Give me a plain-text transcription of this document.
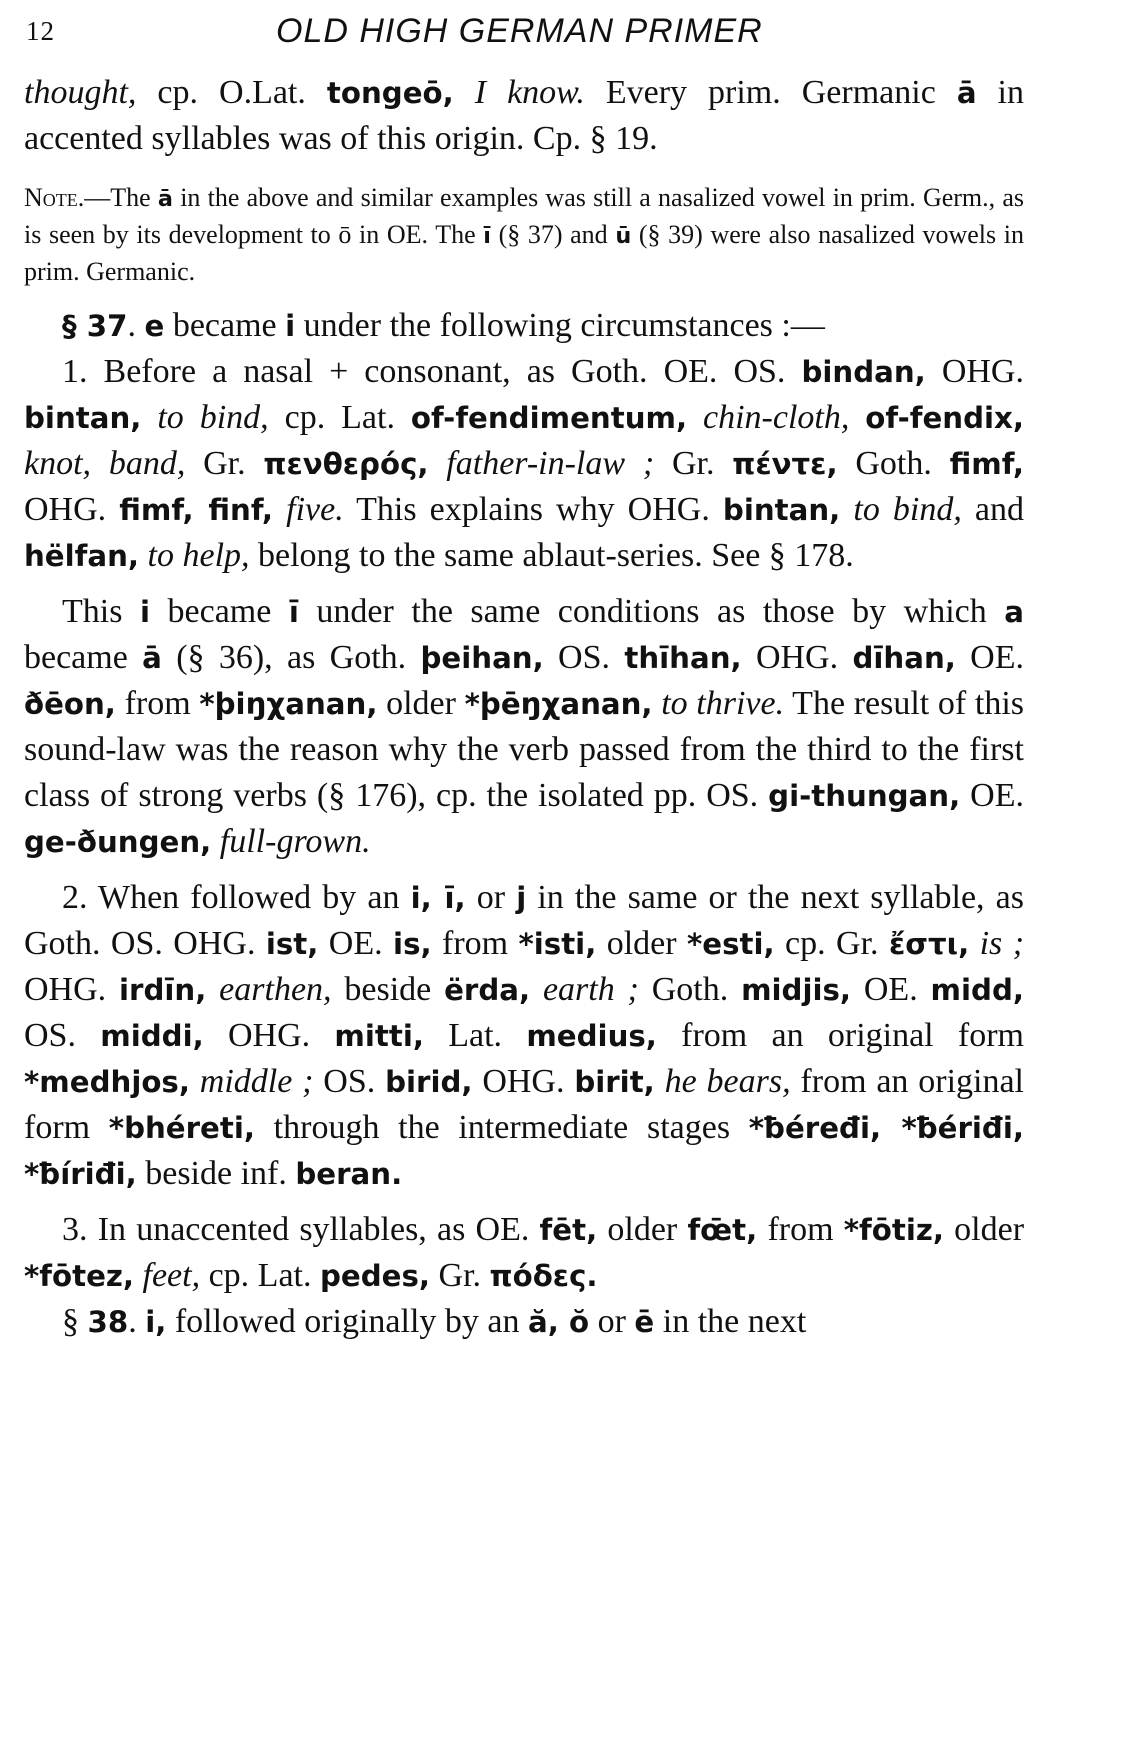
12	OLD HIGH GERMAN PRIMER

thought, cp. O.Lat. tongeō, I know. Every prim. Germanic ā in accented syllables was of this origin. Cp. § 19.

Note.—The ā in the above and similar examples was still a nasalized vowel in prim. Germ., as is seen by its development to ō in OE. The ī (§ 37) and ū (§ 39) were also nasalized vowels in prim. Germanic.

§ 37. e became i under the following circumstances :—

1. Before a nasal + consonant, as Goth. OE. OS. bindan, OHG. bintan, to bind, cp. Lat. of-fendimentum, chin-cloth, of-fendix, knot, band, Gr. πενθερός, father-in-law ; Gr. πέντε, Goth. fimf, OHG. fimf, finf, five. This explains why OHG. bintan, to bind, and hëlfan, to help, belong to the same ablaut-series. See § 178.

This i became ī under the same conditions as those by which a became ā (§ 36), as Goth. þeihan, OS. thīhan, OHG. dīhan, OE. ðēon, from *þiŋχanan, older *þēŋχanan, to thrive. The result of this sound-law was the reason why the verb passed from the third to the first class of strong verbs (§ 176), cp. the isolated pp. OS. gi-thungan, OE. ge-ðungen, full-grown.

2. When followed by an i, ī, or j in the same or the next syllable, as Goth. OS. OHG. ist, OE. is, from *isti, older *esti, cp. Gr. ἔστι, is ; OHG. irdīn, earthen, beside ërda, earth ; Goth. midjis, OE. midd, OS. middi, OHG. mitti, Lat. medius, from an original form *medhjos, middle ; OS. birid, OHG. birit, he bears, from an original form *bhéreti, through the intermediate stages *ƀéređi, *ƀériđi, *ƀíriđi, beside inf. beran.

3. In unaccented syllables, as OE. fēt, older fœ̄t, from *fōtiz, older *fōtez, feet, cp. Lat. pedes, Gr. πόδες.

§ 38. i, followed originally by an ă, ŏ or ē in the next
